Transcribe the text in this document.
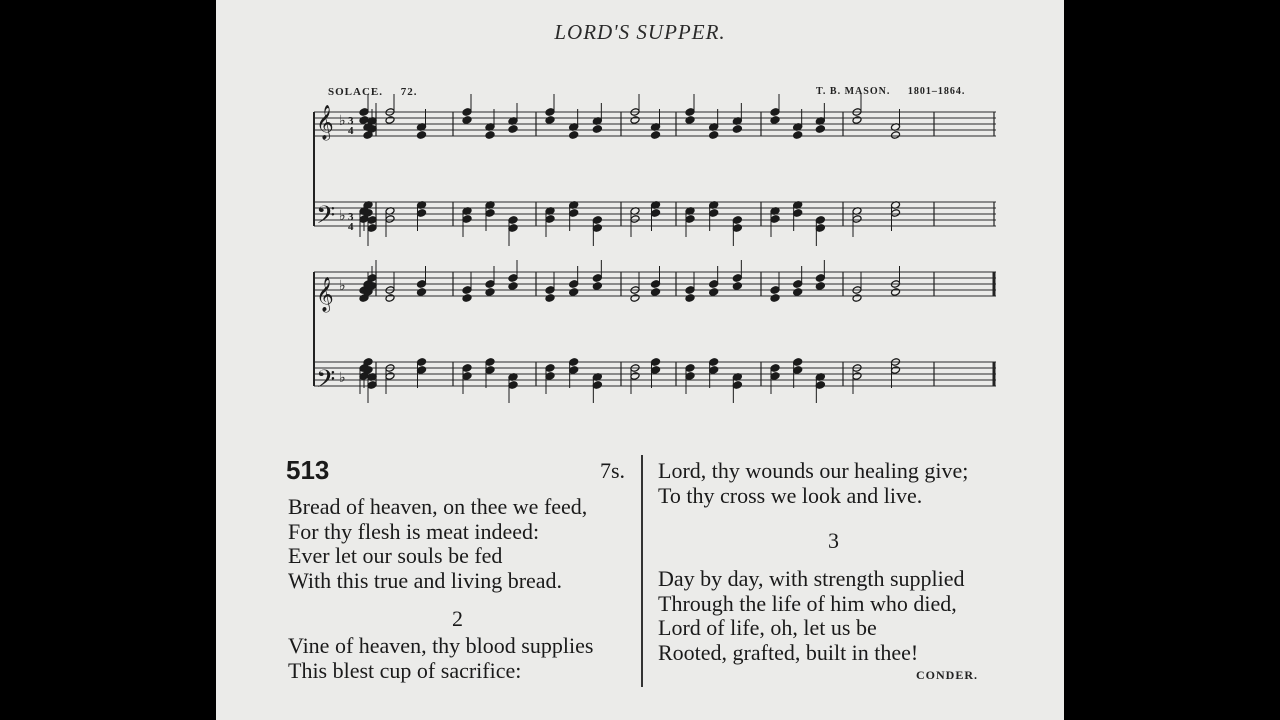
LORD'S SUPPER.
SOLACE. 72.	T. B. MASON. 1801–1864.
𝄞
𝄢
𝄞
𝄢
♭
♭
♭
♭
3
4
3
4
513	7s.
Bread of heaven, on thee we feed,
For thy flesh is meat indeed:
Ever let our souls be fed
With this true and living bread.
2
Vine of heaven, thy blood supplies
This blest cup of sacrifice:
Lord, thy wounds our healing give;
To thy cross we look and live.
3
Day by day, with strength supplied
Through the life of him who died,
Lord of life, oh, let us be
Rooted, grafted, built in thee!
CONDER.
